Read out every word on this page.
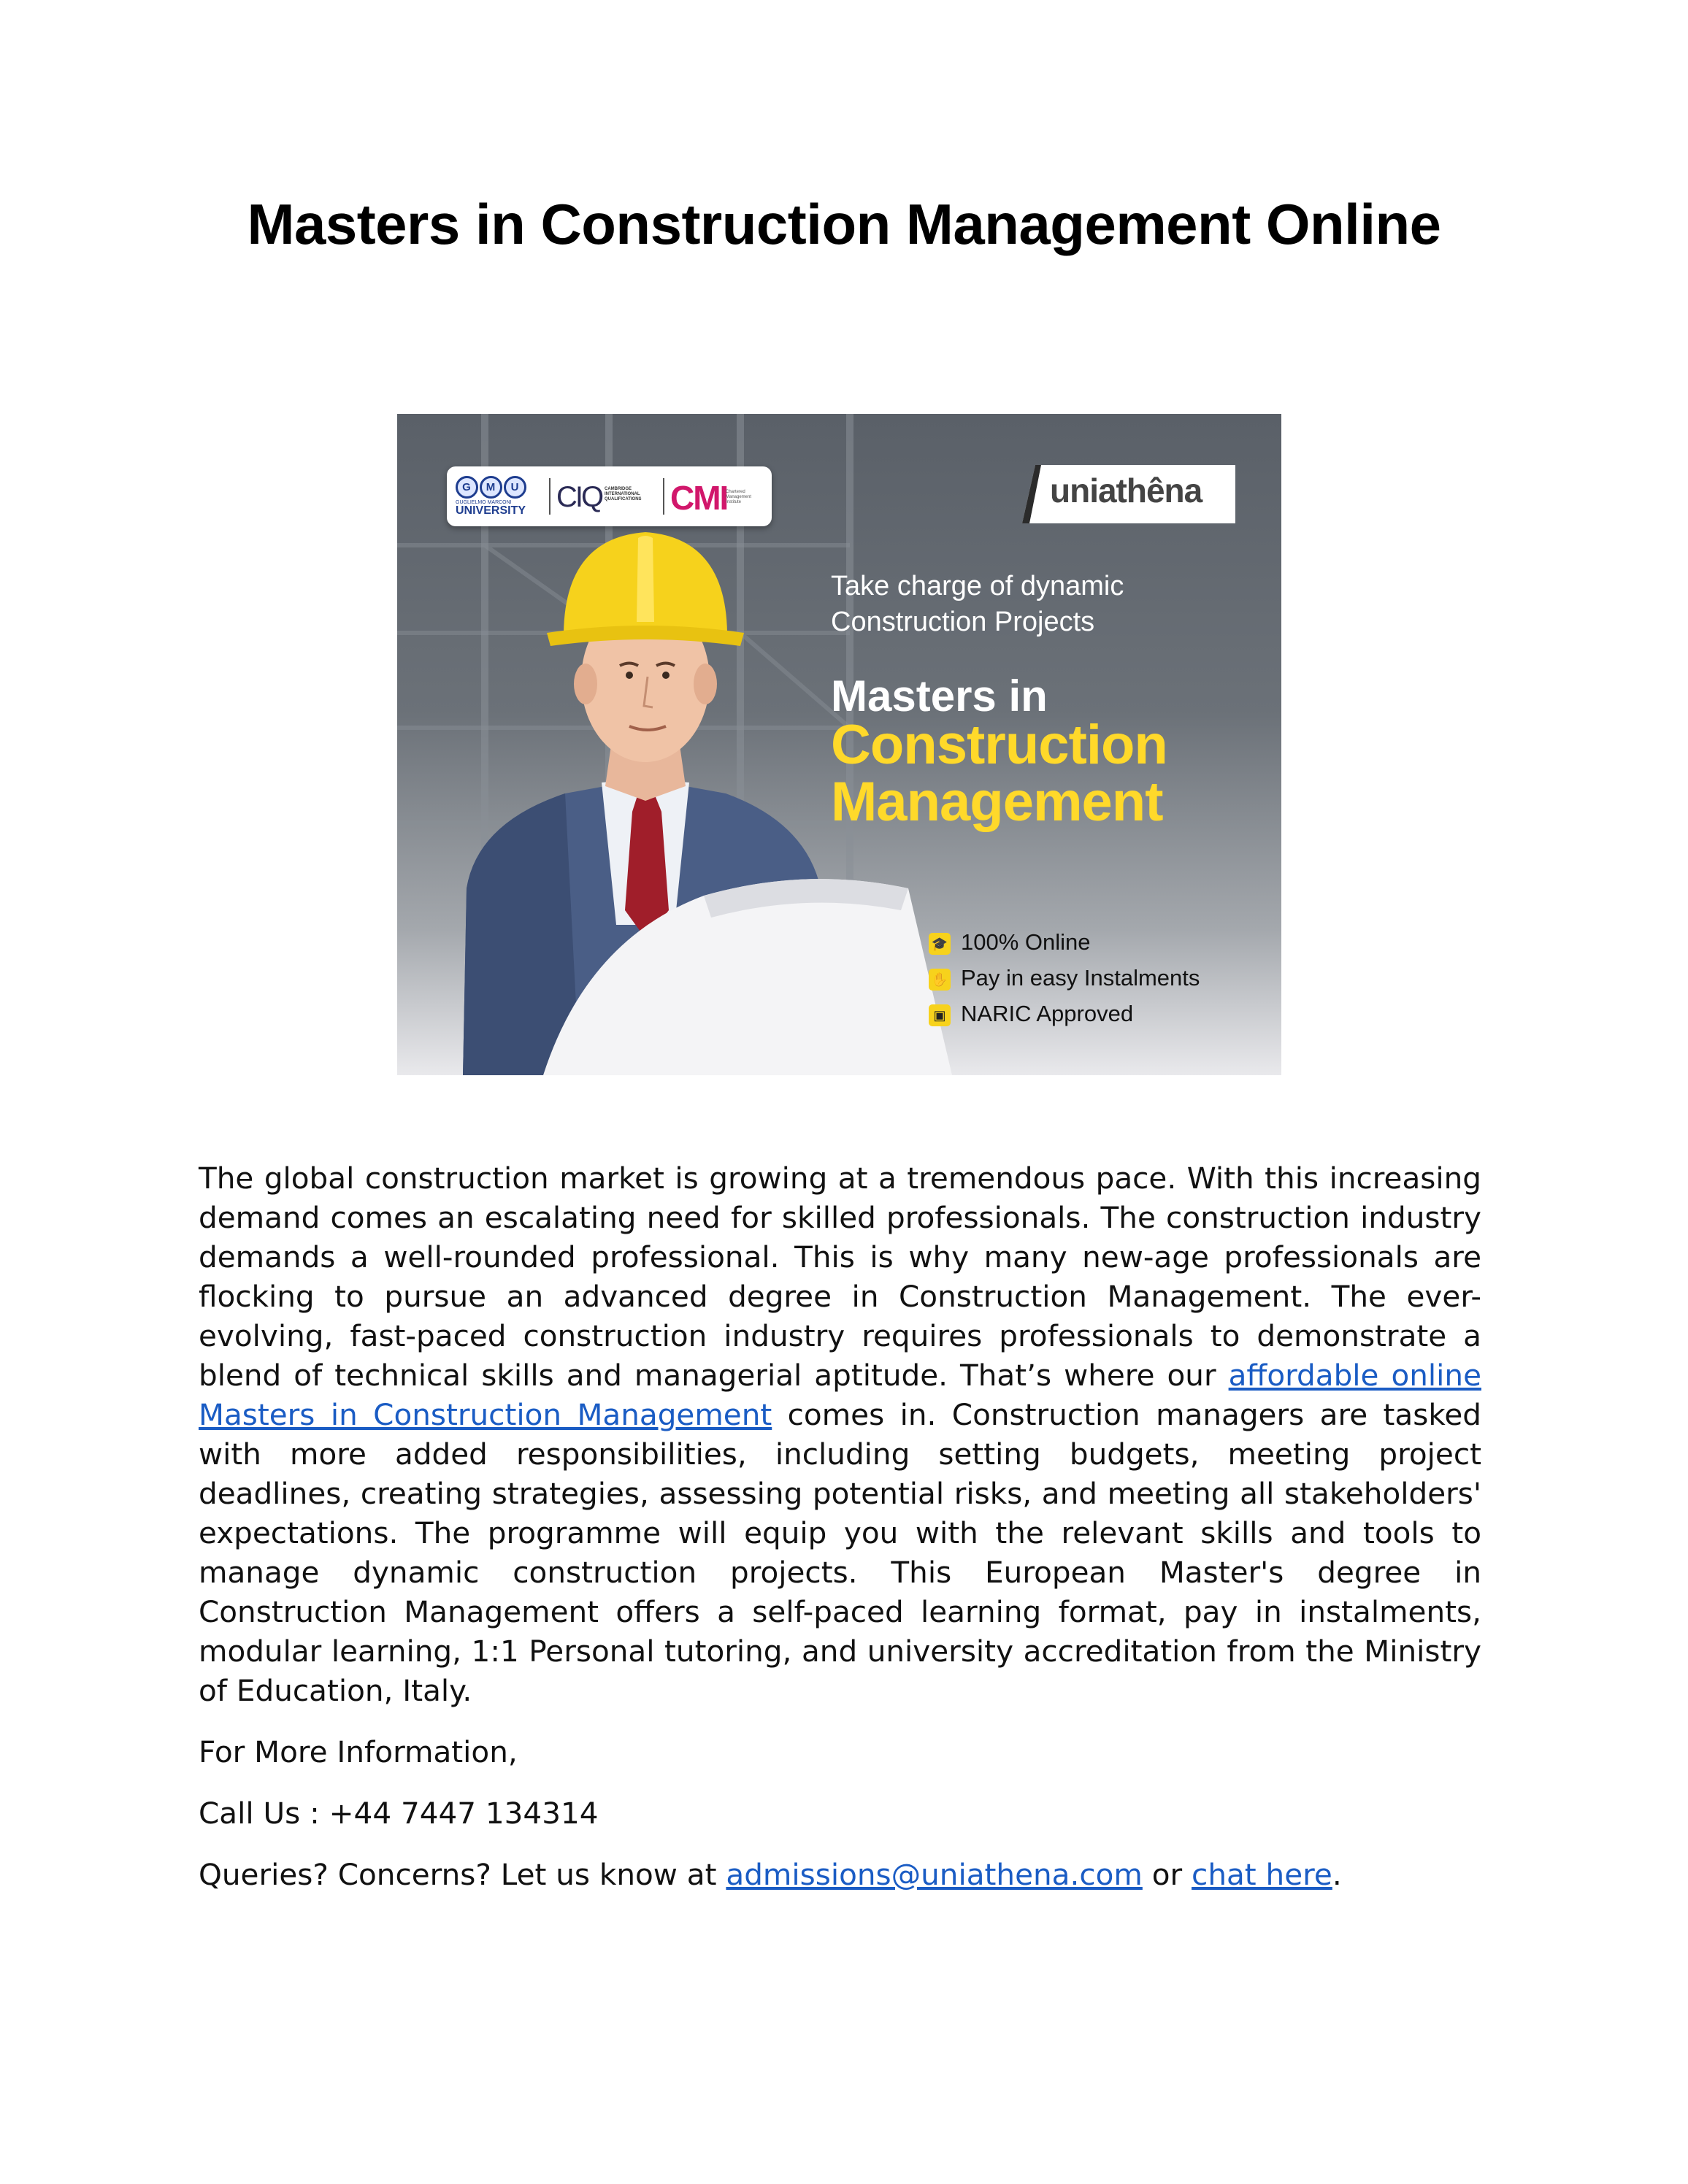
Masters in Construction Management Online
G M U
GUGLIELMO MARCONI
UNIVERSITY	CIQ CAMBRIDGE INTERNATIONAL QUALIFICATIONS CMI
Chartered Management Institute	uniathêna
Take charge of dynamic Construction Projects
Masters in
Construction
Management
🎓 100% Online
✋ Pay in easy Instalments
▣ NARIC Approved

The global construction market is growing at a tremendous pace. With this increasing demand comes an escalating need for skilled professionals. The construction industry demands a well-rounded professional. This is why many new-age professionals are flocking to pursue an advanced degree in Construction Management. The ever-evolving, fast-paced construction industry requires professionals to demonstrate a blend of technical skills and managerial aptitude. That’s where our affordable online Masters in Construction Management comes in. Construction managers are tasked with more added responsibilities, including setting budgets, meeting project deadlines, creating strategies, assessing potential risks, and meeting all stakeholders' expectations. The programme will equip you with the relevant skills and tools to manage dynamic construction projects. This European Master's degree in Construction Management offers a self-paced learning format, pay in instalments, modular learning, 1:1 Personal tutoring, and university accreditation from the Ministry of Education, Italy.

For More Information,

Call Us : +44 7447 134314

Queries? Concerns? Let us know at admissions@uniathena.com or chat here.
